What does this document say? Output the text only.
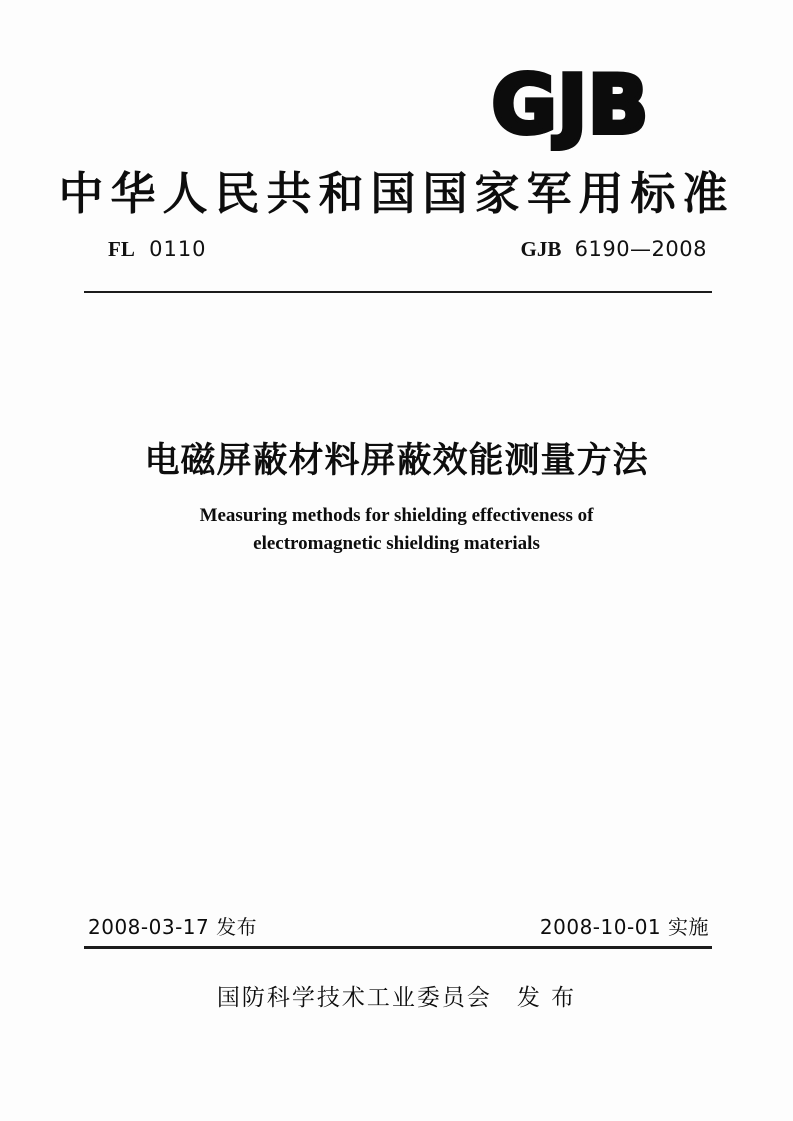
GJB
中华人民共和国国家军用标准
FL 0110	GJB 6190—2008
电磁屏蔽材料屏蔽效能测量方法
Measuring methods for shielding effectiveness of
electromagnetic shielding materials
2008-03-17 发布	2008-10-01 实施
国防科学技术工业委员会　发 布
